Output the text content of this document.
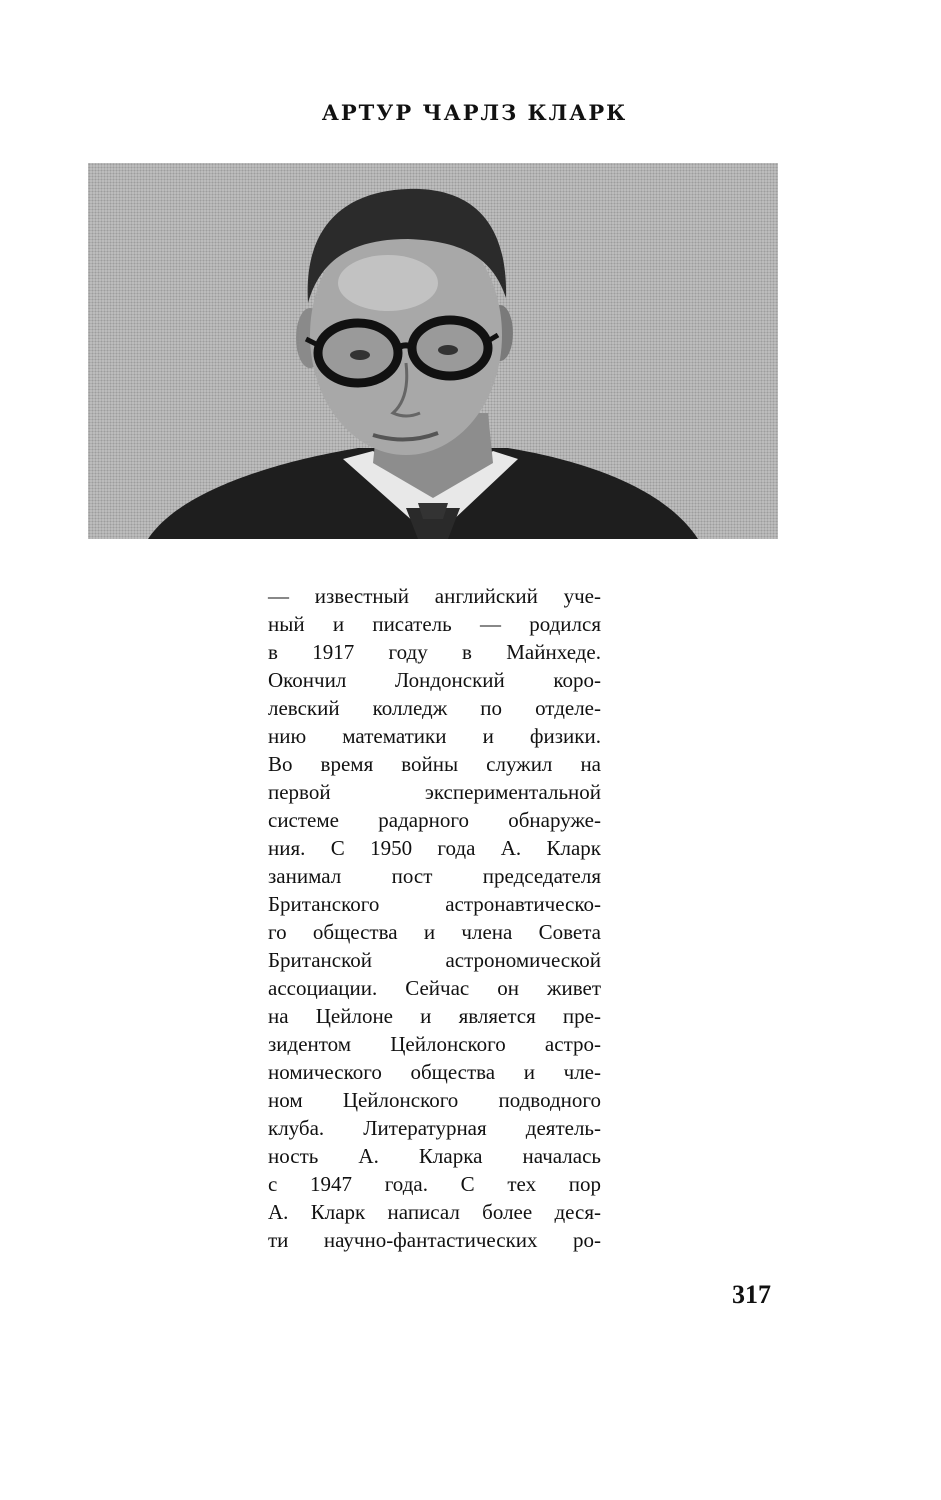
АРТУР ЧАРЛЗ КЛАРК
— известный английский уче-
ный и писатель — родился
в 1917 году в Майнхеде.
Окончил Лондонский коро-
левский колледж по отделе-
нию математики и физики.
Во время войны служил на
первой экспериментальной
системе радарного обнаруже-
ния. С 1950 года А. Кларк
занимал пост председателя
Британского астронавтическо-
го общества и члена Совета
Британской астрономической
ассоциации. Сейчас он живет
на Цейлоне и является пре-
зидентом Цейлонского астро-
номического общества и чле-
ном Цейлонского подводного
клуба. Литературная деятель-
ность А. Кларка началась
с 1947 года. С тех пор
А. Кларк написал более деся-
ти научно-фантастических ро-
317
